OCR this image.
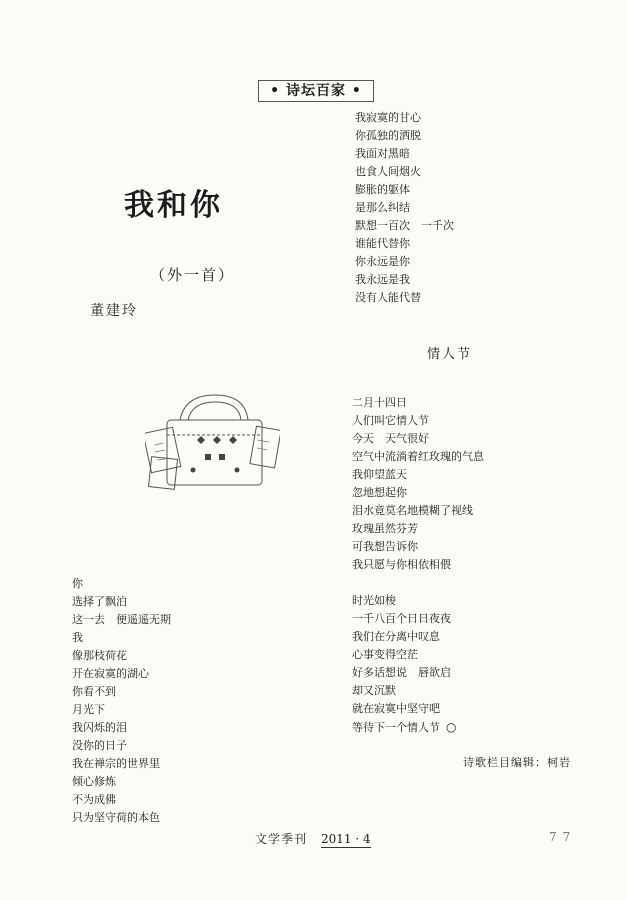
• 诗坛百家 •
我和你
（外一首）
董建玲
我寂寞的甘心
你孤独的洒脱
我面对黑暗
也食人间烟火
膨胀的躯体
是那么纠结
默想一百次　一千次
谁能代替你
你永远是你
我永远是我
没有人能代替
情人节
二月十四日
人们叫它情人节
今天　天气很好
空气中流淌着红玫瑰的气息
我仰望蓝天
忽地想起你
泪水竟莫名地模糊了视线
玫瑰虽然芬芳
可我想告诉你
我只愿与你相依相偎
时光如梭
一千八百个日日夜夜
我们在分离中叹息
心事变得空茫
好多话想说　唇欲启
却又沉默
就在寂寞中坚守吧
等待下一个情人节 ○
你
选择了飘泊
这一去　便遥遥无期
我
像那枝荷花
开在寂寞的湖心
你看不到
月光下
我闪烁的泪
没你的日子
我在禅宗的世界里
倾心修炼
不为成佛
只为坚守荷的本色
诗歌栏目编辑：柯岩
文学季刊 2011 · 4	77
